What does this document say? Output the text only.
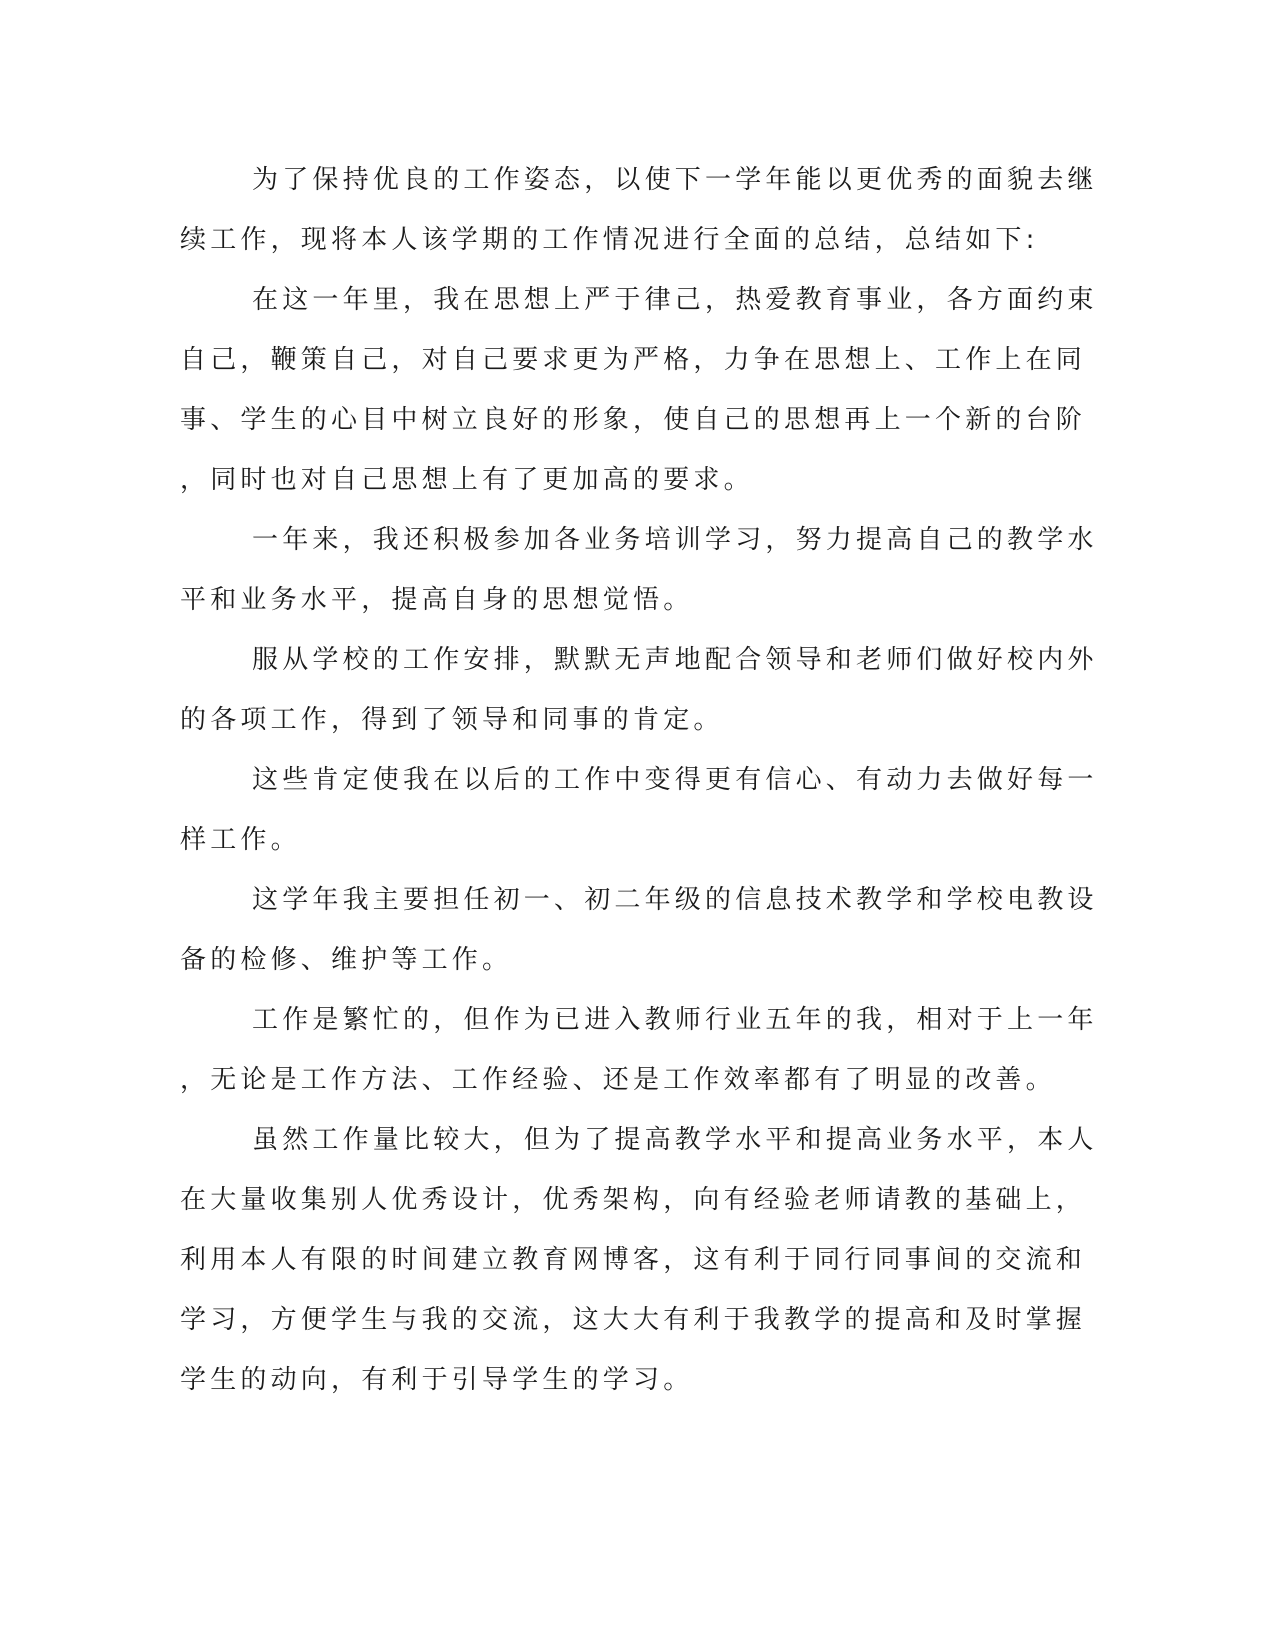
为了保持优良的工作姿态，以使下一学年能以更优秀的面貌去继
续工作，现将本人该学期的工作情况进行全面的总结，总结如下:

在这一年里，我在思想上严于律己，热爱教育事业，各方面约束
自己，鞭策自己，对自己要求更为严格，力争在思想上、工作上在同
事、学生的心目中树立良好的形象，使自己的思想再上一个新的台阶
，同时也对自己思想上有了更加高的要求。

一年来，我还积极参加各业务培训学习，努力提高自己的教学水
平和业务水平，提高自身的思想觉悟。

服从学校的工作安排，默默无声地配合领导和老师们做好校内外
的各项工作，得到了领导和同事的肯定。

这些肯定使我在以后的工作中变得更有信心、有动力去做好每一
样工作。

这学年我主要担任初一、初二年级的信息技术教学和学校电教设
备的检修、维护等工作。

工作是繁忙的，但作为已进入教师行业五年的我，相对于上一年
，无论是工作方法、工作经验、还是工作效率都有了明显的改善。

虽然工作量比较大，但为了提高教学水平和提高业务水平，本人
在大量收集别人优秀设计，优秀架构，向有经验老师请教的基础上，
利用本人有限的时间建立教育网博客，这有利于同行同事间的交流和
学习，方便学生与我的交流，这大大有利于我教学的提高和及时掌握
学生的动向，有利于引导学生的学习。
